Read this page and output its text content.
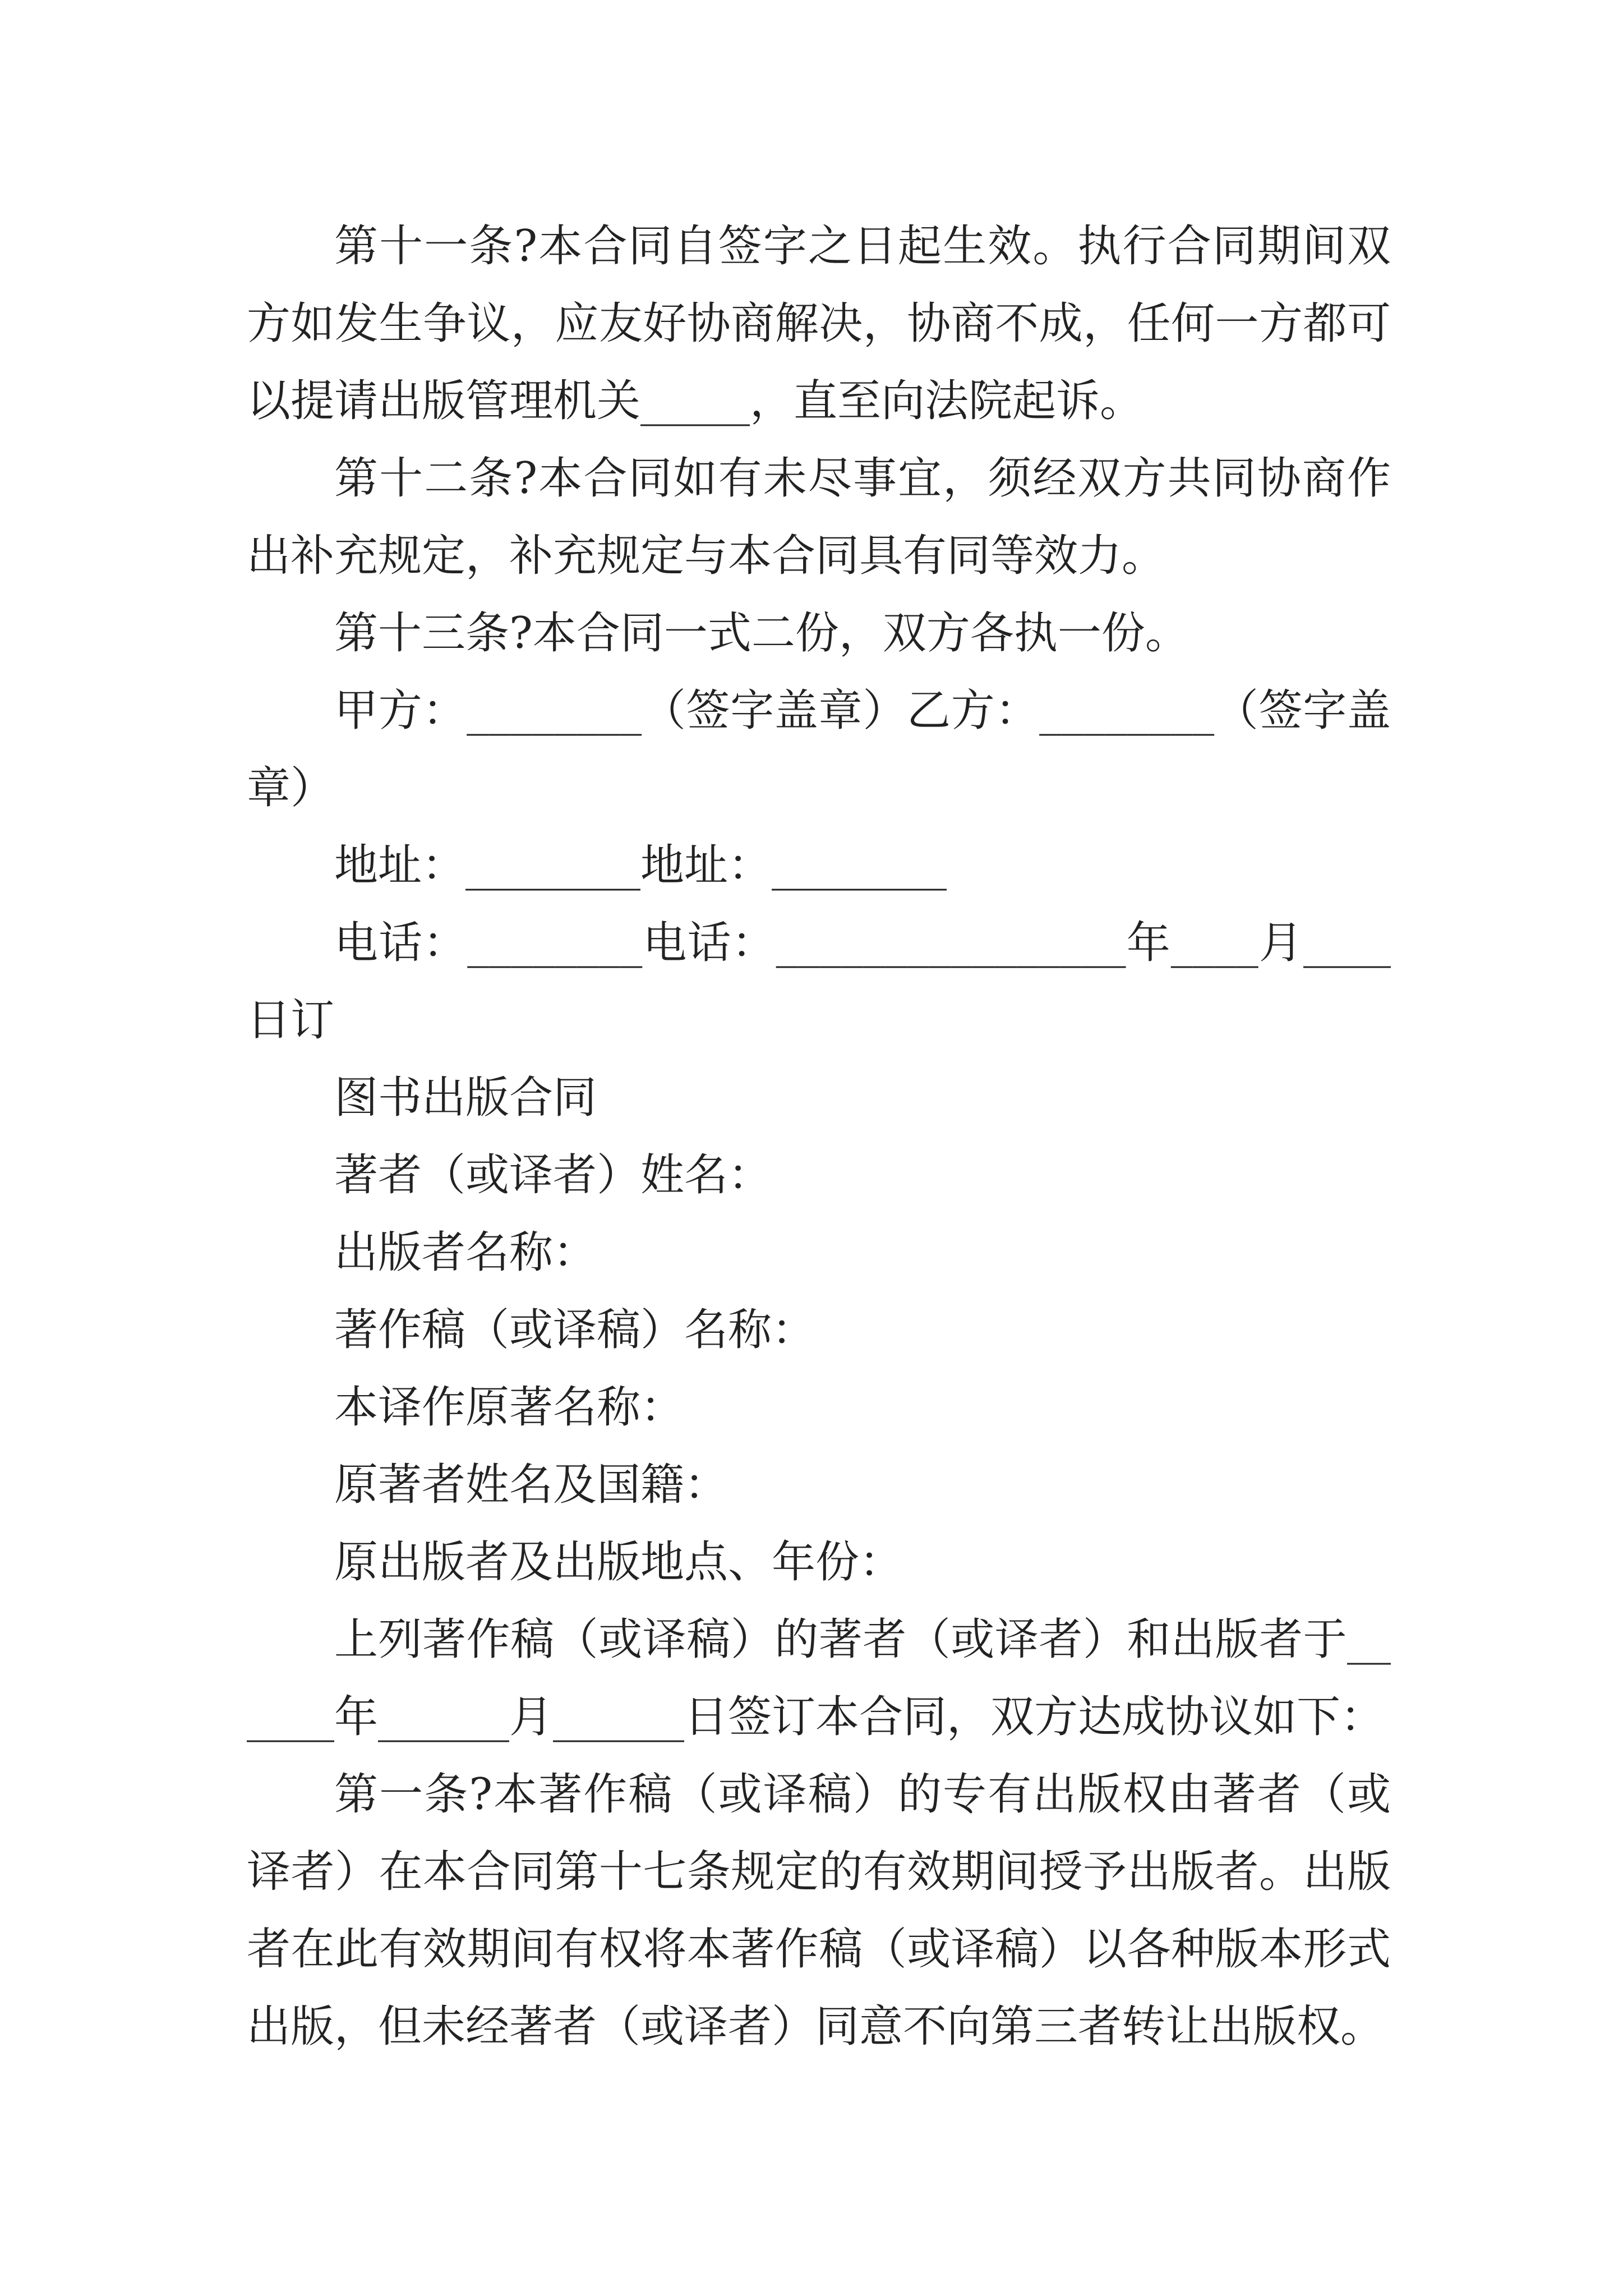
第十一条?本合同自签字之日起生效。执行合同期间双方如发生争议，应友好协商解决，协商不成，任何一方都可以提请出版管理机关_____，直至向法院起诉。

第十二条?本合同如有未尽事宜，须经双方共同协商作出补充规定，补充规定与本合同具有同等效力。

第十三条?本合同一式二份，双方各执一份。

甲方：________（签字盖章）乙方：________（签字盖章）

地址：________地址：________

电话：________电话：________________年____月____日订

图书出版合同

著者（或译者）姓名：

出版者名称：

著作稿（或译稿）名称：

本译作原著名称：

原著者姓名及国籍：

原出版者及出版地点、年份：

上列著作稿（或译稿）的著者（或译者）和出版者于______年______月______日签订本合同，双方达成协议如下：

第一条?本著作稿（或译稿）的专有出版权由著者（或译者）在本合同第十七条规定的有效期间授予出版者。出版者在此有效期间有权将本著作稿（或译稿）以各种版本形式出版，但未经著者（或译者）同意不向第三者转让出版权。
